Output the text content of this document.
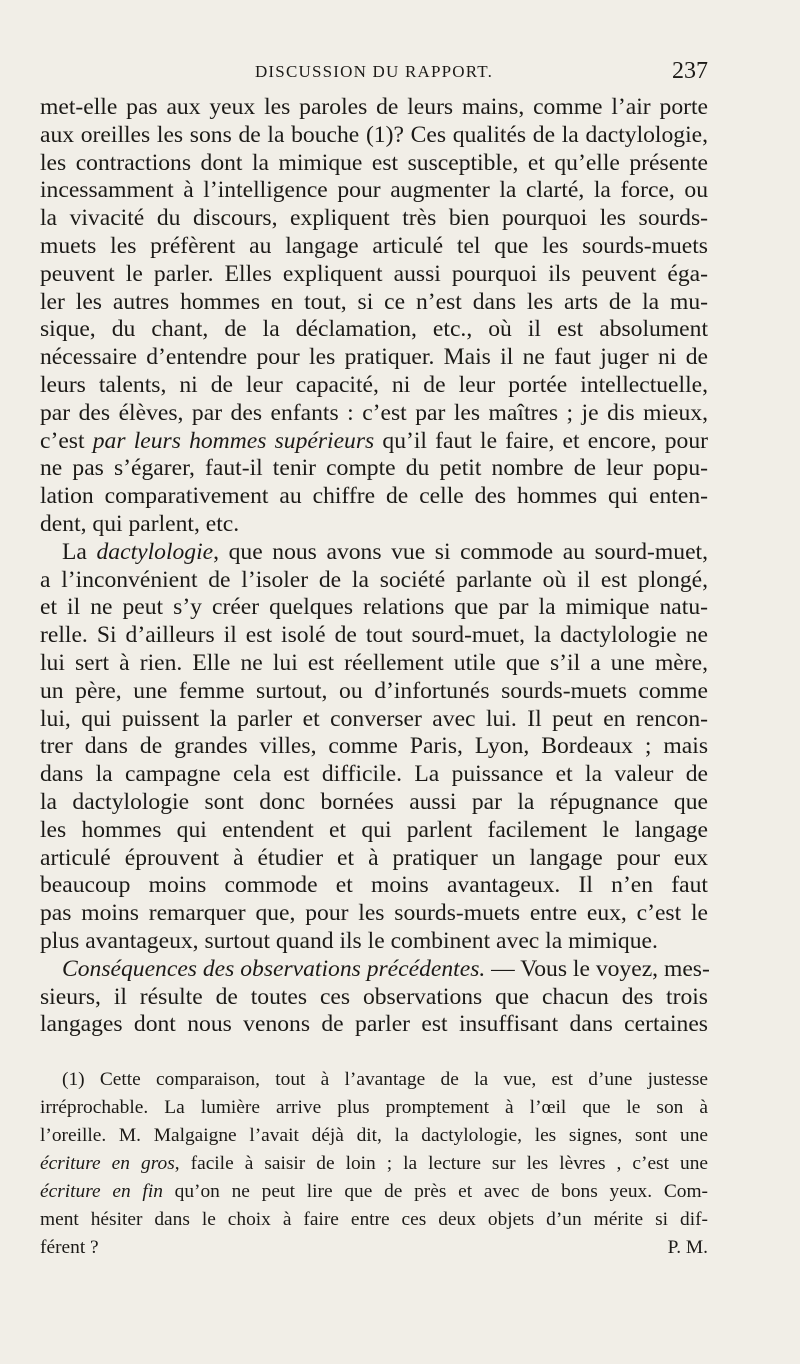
DISCUSSION DU RAPPORT.	237

met-elle pas aux yeux les paroles de leurs mains, comme l’air porte
aux oreilles les sons de la bouche (1)? Ces qualités de la dactylologie,
les contractions dont la mimique est susceptible, et qu’elle présente
incessamment à l’intelligence pour augmenter la clarté, la force, ou
la vivacité du discours, expliquent très bien pourquoi les sourds-
muets les préfèrent au langage articulé tel que les sourds-muets
peuvent le parler. Elles expliquent aussi pourquoi ils peuvent éga-
ler les autres hommes en tout, si ce n’est dans les arts de la mu-
sique, du chant, de la déclamation, etc., où il est absolument
nécessaire d’entendre pour les pratiquer. Mais il ne faut juger ni de
leurs talents, ni de leur capacité, ni de leur portée intellectuelle,
par des élèves, par des enfants : c’est par les maîtres ; je dis mieux,
c’est par leurs hommes supérieurs qu’il faut le faire, et encore, pour
ne pas s’égarer, faut-il tenir compte du petit nombre de leur popu-
lation comparativement au chiffre de celle des hommes qui enten-
dent, qui parlent, etc.

La dactylologie, que nous avons vue si commode au sourd-muet,
a l’inconvénient de l’isoler de la société parlante où il est plongé,
et il ne peut s’y créer quelques relations que par la mimique natu-
relle. Si d’ailleurs il est isolé de tout sourd-muet, la dactylologie ne
lui sert à rien. Elle ne lui est réellement utile que s’il a une mère,
un père, une femme surtout, ou d’infortunés sourds-muets comme
lui, qui puissent la parler et converser avec lui. Il peut en rencon-
trer dans de grandes villes, comme Paris, Lyon, Bordeaux ; mais
dans la campagne cela est difficile. La puissance et la valeur de
la dactylologie sont donc bornées aussi par la répugnance que
les hommes qui entendent et qui parlent facilement le langage
articulé éprouvent à étudier et à pratiquer un langage pour eux
beaucoup moins commode et moins avantageux. Il n’en faut
pas moins remarquer que, pour les sourds-muets entre eux, c’est le
plus avantageux, surtout quand ils le combinent avec la mimique.

Conséquences des observations précédentes. — Vous le voyez, mes-
sieurs, il résulte de toutes ces observations que chacun des trois
langages dont nous venons de parler est insuffisant dans certaines

(1) Cette comparaison, tout à l’avantage de la vue, est d’une justesse
irréprochable. La lumière arrive plus promptement à l’œil que le son à
l’oreille. M. Malgaigne l’avait déjà dit, la dactylologie, les signes, sont une
écriture en gros, facile à saisir de loin ; la lecture sur les lèvres , c’est une
écriture en fin qu’on ne peut lire que de près et avec de bons yeux. Com-
ment hésiter dans le choix à faire entre ces deux objets d’un mérite si dif-
férent ?	P. M.
